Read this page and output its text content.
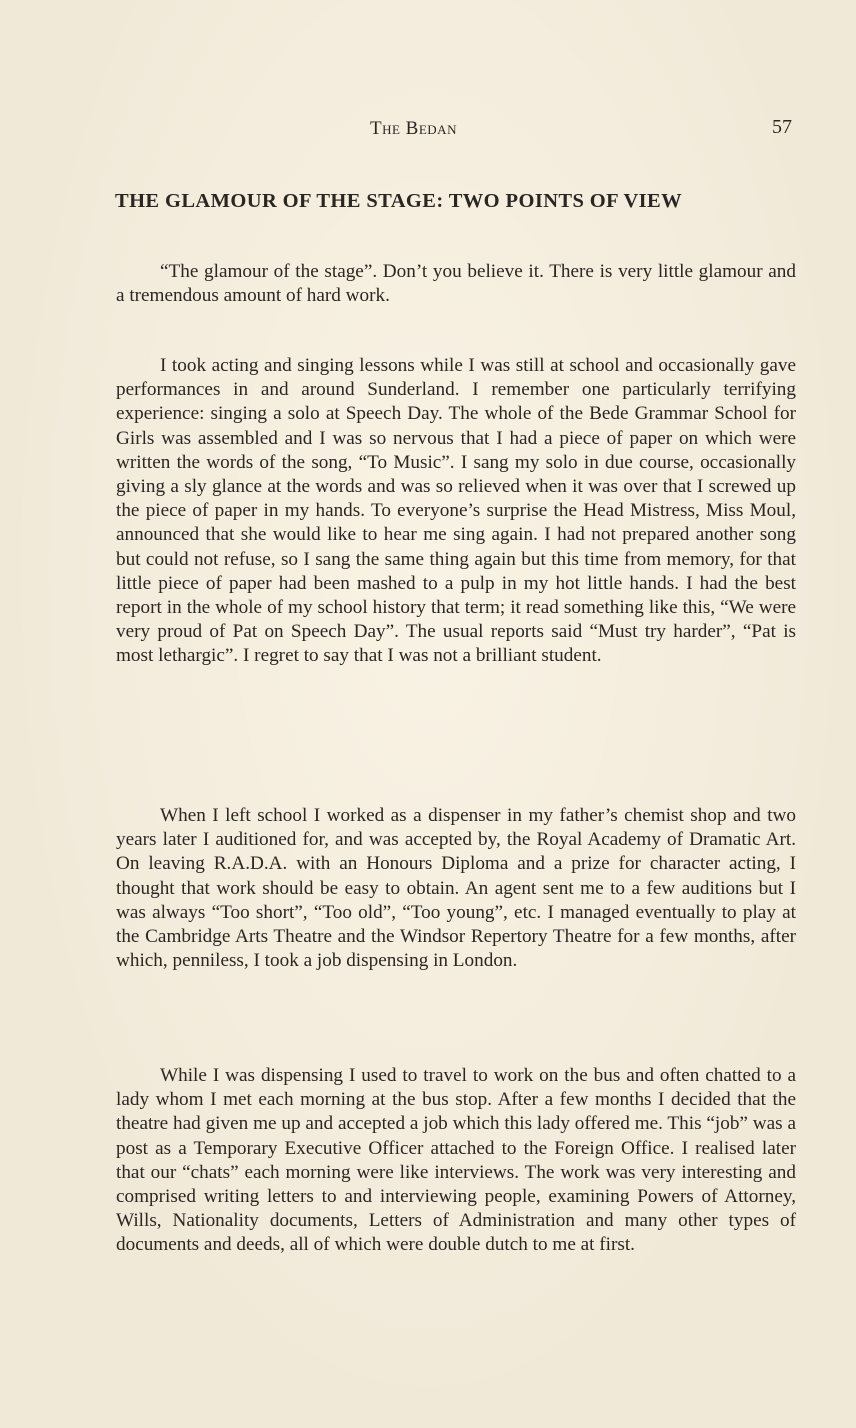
The Bedan	57
THE GLAMOUR OF THE STAGE: TWO POINTS OF VIEW

“The glamour of the stage”. Don’t you believe it. There is very little glamour and a tremendous amount of hard work.

I took acting and singing lessons while I was still at school and occasionally gave performances in and around Sunderland. I remember one particularly terrifying experience: singing a solo at Speech Day. The whole of the Bede Grammar School for Girls was assembled and I was so nervous that I had a piece of paper on which were written the words of the song, “To Music”. I sang my solo in due course, occasionally giving a sly glance at the words and was so relieved when it was over that I screwed up the piece of paper in my hands. To everyone’s surprise the Head Mistress, Miss Moul, announced that she would like to hear me sing again. I had not prepared another song but could not refuse, so I sang the same thing again but this time from memory, for that little piece of paper had been mashed to a pulp in my hot little hands. I had the best report in the whole of my school history that term; it read something like this, “We were very proud of Pat on Speech Day”. The usual reports said “Must try harder”, “Pat is most lethargic”. I regret to say that I was not a brilliant student.

When I left school I worked as a dispenser in my father’s chemist shop and two years later I auditioned for, and was accepted by, the Royal Academy of Dramatic Art. On leaving R.A.D.A. with an Honours Diploma and a prize for character acting, I thought that work should be easy to obtain. An agent sent me to a few auditions but I was always “Too short”, “Too old”, “Too young”, etc. I managed eventually to play at the Cambridge Arts Theatre and the Windsor Repertory Theatre for a few months, after which, penniless, I took a job dispensing in London.

While I was dispensing I used to travel to work on the bus and often chatted to a lady whom I met each morning at the bus stop. After a few months I decided that the theatre had given me up and accepted a job which this lady offered me. This “job” was a post as a Temporary Executive Officer attached to the Foreign Office. I realised later that our “chats” each morning were like interviews. The work was very interesting and comprised writing letters to and interviewing people, examining Powers of Attorney, Wills, Nationality documents, Letters of Administration and many other types of documents and deeds, all of which were double dutch to me at first.
